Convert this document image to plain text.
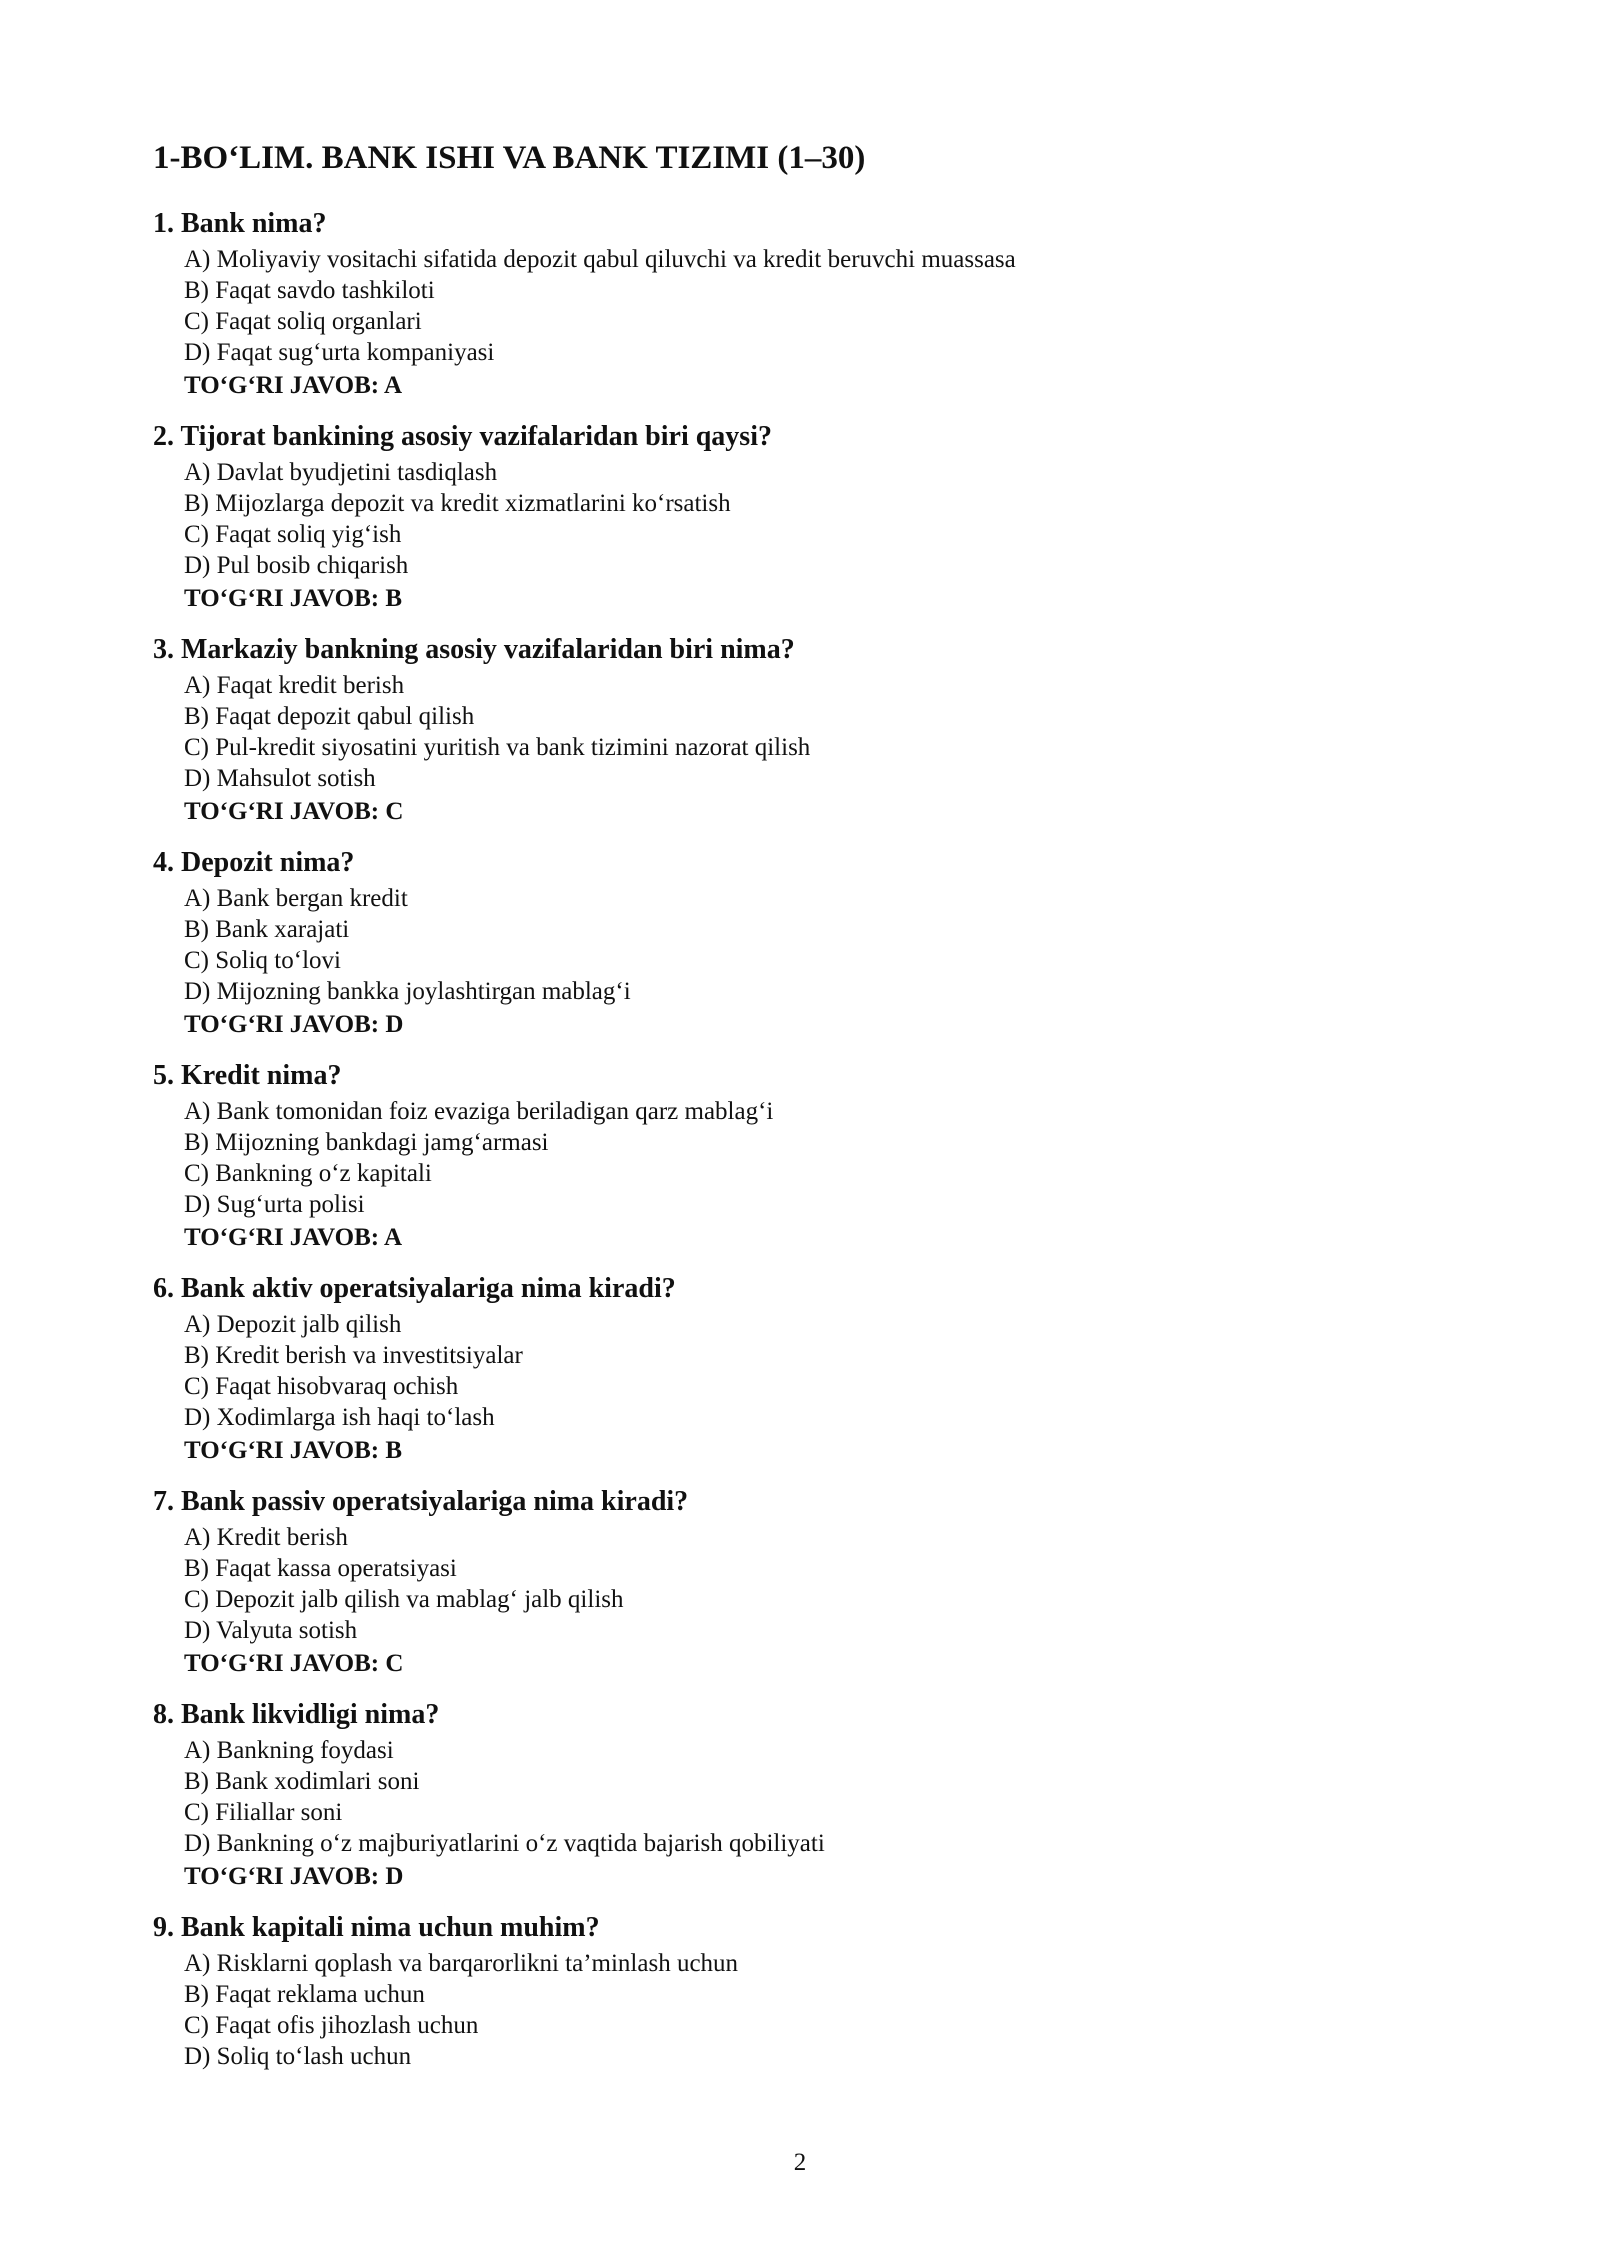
1-BO‘LIM. BANK ISHI VA BANK TIZIMI (1–30)
1. Bank nima?
A) Moliyaviy vositachi sifatida depozit qabul qiluvchi va kredit beruvchi muassasa
B) Faqat savdo tashkiloti
C) Faqat soliq organlari
D) Faqat sug‘urta kompaniyasi
TO‘G‘RI JAVOB: A
2. Tijorat bankining asosiy vazifalaridan biri qaysi?
A) Davlat byudjetini tasdiqlash
B) Mijozlarga depozit va kredit xizmatlarini ko‘rsatish
C) Faqat soliq yig‘ish
D) Pul bosib chiqarish
TO‘G‘RI JAVOB: B
3. Markaziy bankning asosiy vazifalaridan biri nima?
A) Faqat kredit berish
B) Faqat depozit qabul qilish
C) Pul-kredit siyosatini yuritish va bank tizimini nazorat qilish
D) Mahsulot sotish
TO‘G‘RI JAVOB: C
4. Depozit nima?
A) Bank bergan kredit
B) Bank xarajati
C) Soliq to‘lovi
D) Mijozning bankka joylashtirgan mablag‘i
TO‘G‘RI JAVOB: D
5. Kredit nima?
A) Bank tomonidan foiz evaziga beriladigan qarz mablag‘i
B) Mijozning bankdagi jamg‘armasi
C) Bankning o‘z kapitali
D) Sug‘urta polisi
TO‘G‘RI JAVOB: A
6. Bank aktiv operatsiyalariga nima kiradi?
A) Depozit jalb qilish
B) Kredit berish va investitsiyalar
C) Faqat hisobvaraq ochish
D) Xodimlarga ish haqi to‘lash
TO‘G‘RI JAVOB: B
7. Bank passiv operatsiyalariga nima kiradi?
A) Kredit berish
B) Faqat kassa operatsiyasi
C) Depozit jalb qilish va mablag‘ jalb qilish
D) Valyuta sotish
TO‘G‘RI JAVOB: C
8. Bank likvidligi nima?
A) Bankning foydasi
B) Bank xodimlari soni
C) Filiallar soni
D) Bankning o‘z majburiyatlarini o‘z vaqtida bajarish qobiliyati
TO‘G‘RI JAVOB: D
9. Bank kapitali nima uchun muhim?
A) Risklarni qoplash va barqarorlikni ta’minlash uchun
B) Faqat reklama uchun
C) Faqat ofis jihozlash uchun
D) Soliq to‘lash uchun
2
